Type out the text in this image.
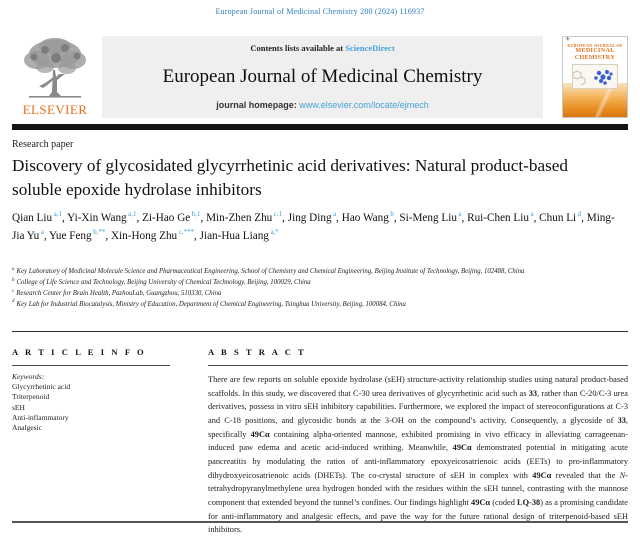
European Journal of Medicinal Chemistry 280 (2024) 116937
ELSEVIER
Contents lists available at ScienceDirect
European Journal of Medicinal Chemistry
journal homepage: www.elsevier.com/locate/ejmech
⚜
EUROPEAN JOURNAL OF
MEDICINAL
CHEMISTRY
Research paper
Discovery of glycosidated glycyrrhetinic acid derivatives: Natural product-based soluble epoxide hydrolase inhibitors
Qian Liu $^{a,1}$, Yi-Xin Wang $^{a,1}$, Zi-Hao Ge $^{b,1}$, Min-Zhen Zhu $^{c,1}$, Jing Ding $^a$, Hao Wang $^b$, Si-Meng Liu $^a$, Rui-Chen Liu $^a$, Chun Li $^d$, Ming-Jia Yu $^a$, Yue Feng $^{b,**}$, Xin-Hong Zhu $^{c,***}$, Jian-Hua Liang $^{a,*}$
$^a$ Key Laboratory of Medicinal Molecule Science and Pharmaceutical Engineering, School of Chemistry and Chemical Engineering, Beijing Institute of Technology, Beijing, 102488, China
$^b$ College of Life Science and Technology, Beijing University of Chemical Technology, Beijing, 100029, China
$^c$ Research Center for Brain Health, PazhouLab, Guangzhou, 510330, China
$^d$ Key Lab for Industrial Biocatalysis, Ministry of Education, Department of Chemical Engineering, Tsinghua University, Beijing, 100084, China
A R T I C L E I N F O
Keywords:
Glycyrrhetinic acid
Triterpenoid
sEH
Anti-inflammatory
Analgesic
A B S T R A C T
There are few reports on soluble epoxide hydrolase (sEH) structure-activity relationship studies using natural product-based scaffolds. In this study, we discovered that C-30 urea derivatives of glycyrrhetinic acid such as 33, rather than C-20/C-3 urea derivatives, possess in vitro sEH inhibitory capabilities. Furthermore, we explored the impact of stereoconfigurations at C-3 and C-18 positions, and glycosidic bonds at the 3-OH on the compound’s activity. Consequently, a glycoside of 33, specifically 49Cα containing alpha-oriented mannose, exhibited promising in vivo efficacy in alleviating carrageenan-induced paw edema and acetic acid-induced writhing. Meanwhile, 49Cα demonstrated potential in mitigating acute pancreatitis by modulating the ratios of anti-inflammatory epoxyeicosatrienoic acids (EETs) to pro-inflammatory dihydroxyeicosatrienoic acids (DHETs). The co-crystal structure of sEH in complex with 49Cα revealed that the N-tetrahydropyranylmethylene urea hydrogen bonded with the residues within the sEH tunnel, contrasting with the mannose component that extended beyond the tunnel’s confines. Our findings highlight 49Cα (coded LQ-38) as a promising candidate for anti-inflammatory and analgesic effects, and pave the way for the future rational design of triterpenoid-based sEH inhibitors.
